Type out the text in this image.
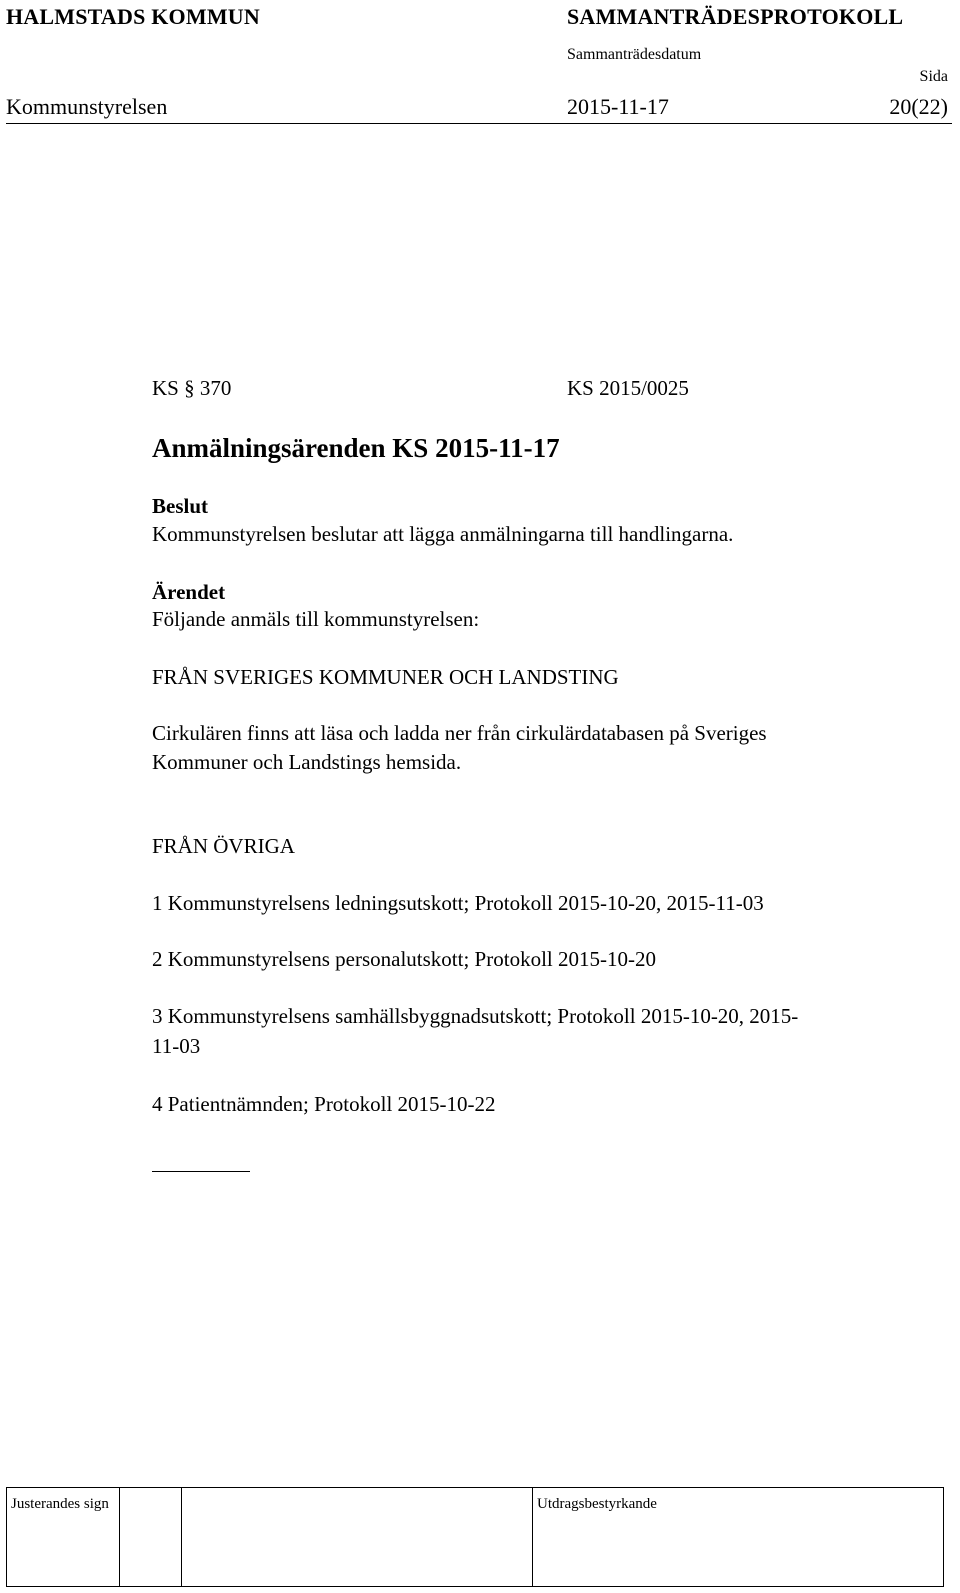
HALMSTADS KOMMUN	SAMMANTRÄDESPROTOKOLL
Sammanträdesdatum
Sida
Kommunstyrelsen	2015-11-17	20(22)
KS § 370	KS 2015/0025
Anmälningsärenden KS 2015-11-17
Beslut
Kommunstyrelsen beslutar att lägga anmälningarna till handlingarna.
Ärendet
Följande anmäls till kommunstyrelsen:
FRÅN SVERIGES KOMMUNER OCH LANDSTING
Cirkulären finns att läsa och ladda ner från cirkulärdatabasen på Sveriges
Kommuner och Landstings hemsida.
FRÅN ÖVRIGA
1 Kommunstyrelsens ledningsutskott; Protokoll 2015-10-20, 2015-11-03
2 Kommunstyrelsens personalutskott; Protokoll 2015-10-20
3 Kommunstyrelsens samhällsbyggnadsutskott; Protokoll 2015-10-20, 2015-
11-03
4 Patientnämnden; Protokoll 2015-10-22
Justerandes sign	Utdragsbestyrkande
